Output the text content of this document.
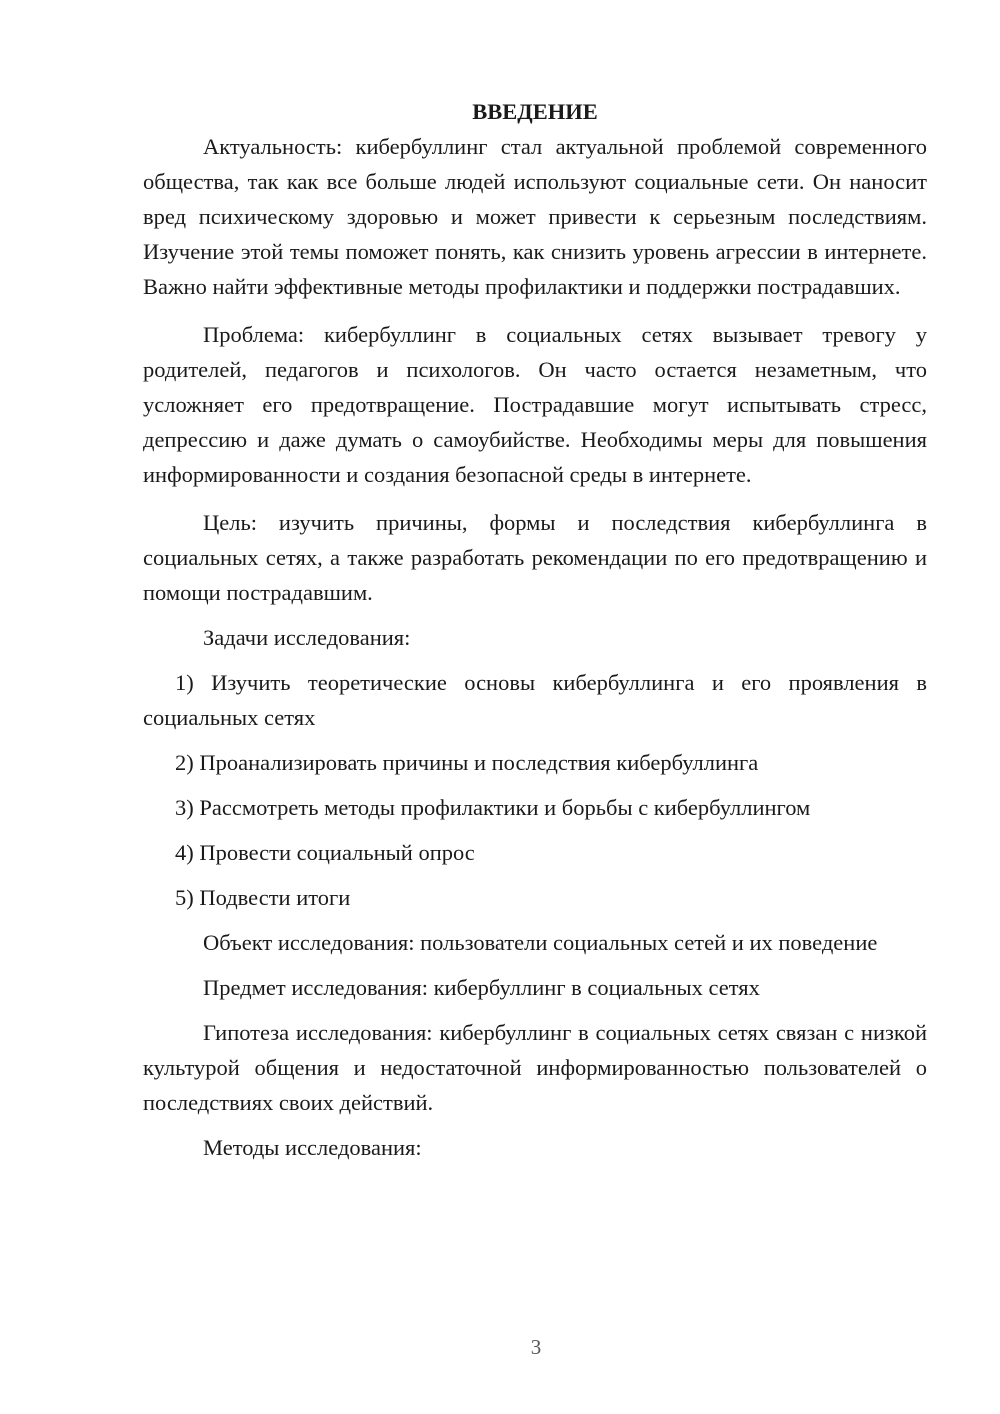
ВВЕДЕНИЕ

Актуальность: кибербуллинг стал актуальной проблемой современного общества, так как все больше людей используют социальные сети. Он наносит вред психическому здоровью и может привести к серьезным последствиям. Изучение этой темы поможет понять, как снизить уровень агрессии в интернете. Важно найти эффективные методы профилактики и поддержки пострадавших.

Проблема: кибербуллинг в социальных сетях вызывает тревогу у родителей, педагогов и психологов. Он часто остается незаметным, что усложняет его предотвращение. Пострадавшие могут испытывать стресс, депрессию и даже думать о самоубийстве. Необходимы меры для повышения информированности и создания безопасной среды в интернете.

Цель: изучить причины, формы и последствия кибербуллинга в социальных сетях, а также разработать рекомендации по его предотвращению и помощи пострадавшим.

Задачи исследования:

1) Изучить теоретические основы кибербуллинга и его проявления в социальных сетях

2) Проанализировать причины и последствия кибербуллинга

3) Рассмотреть методы профилактики и борьбы с кибербуллингом

4) Провести социальный опрос

5) Подвести итоги

Объект исследования: пользователи социальных сетей и их поведение

Предмет исследования: кибербуллинг в социальных сетях

Гипотеза исследования: кибербуллинг в социальных сетях связан с низкой культурой общения и недостаточной информированностью пользователей о последствиях своих действий.

Методы исследования:

3
